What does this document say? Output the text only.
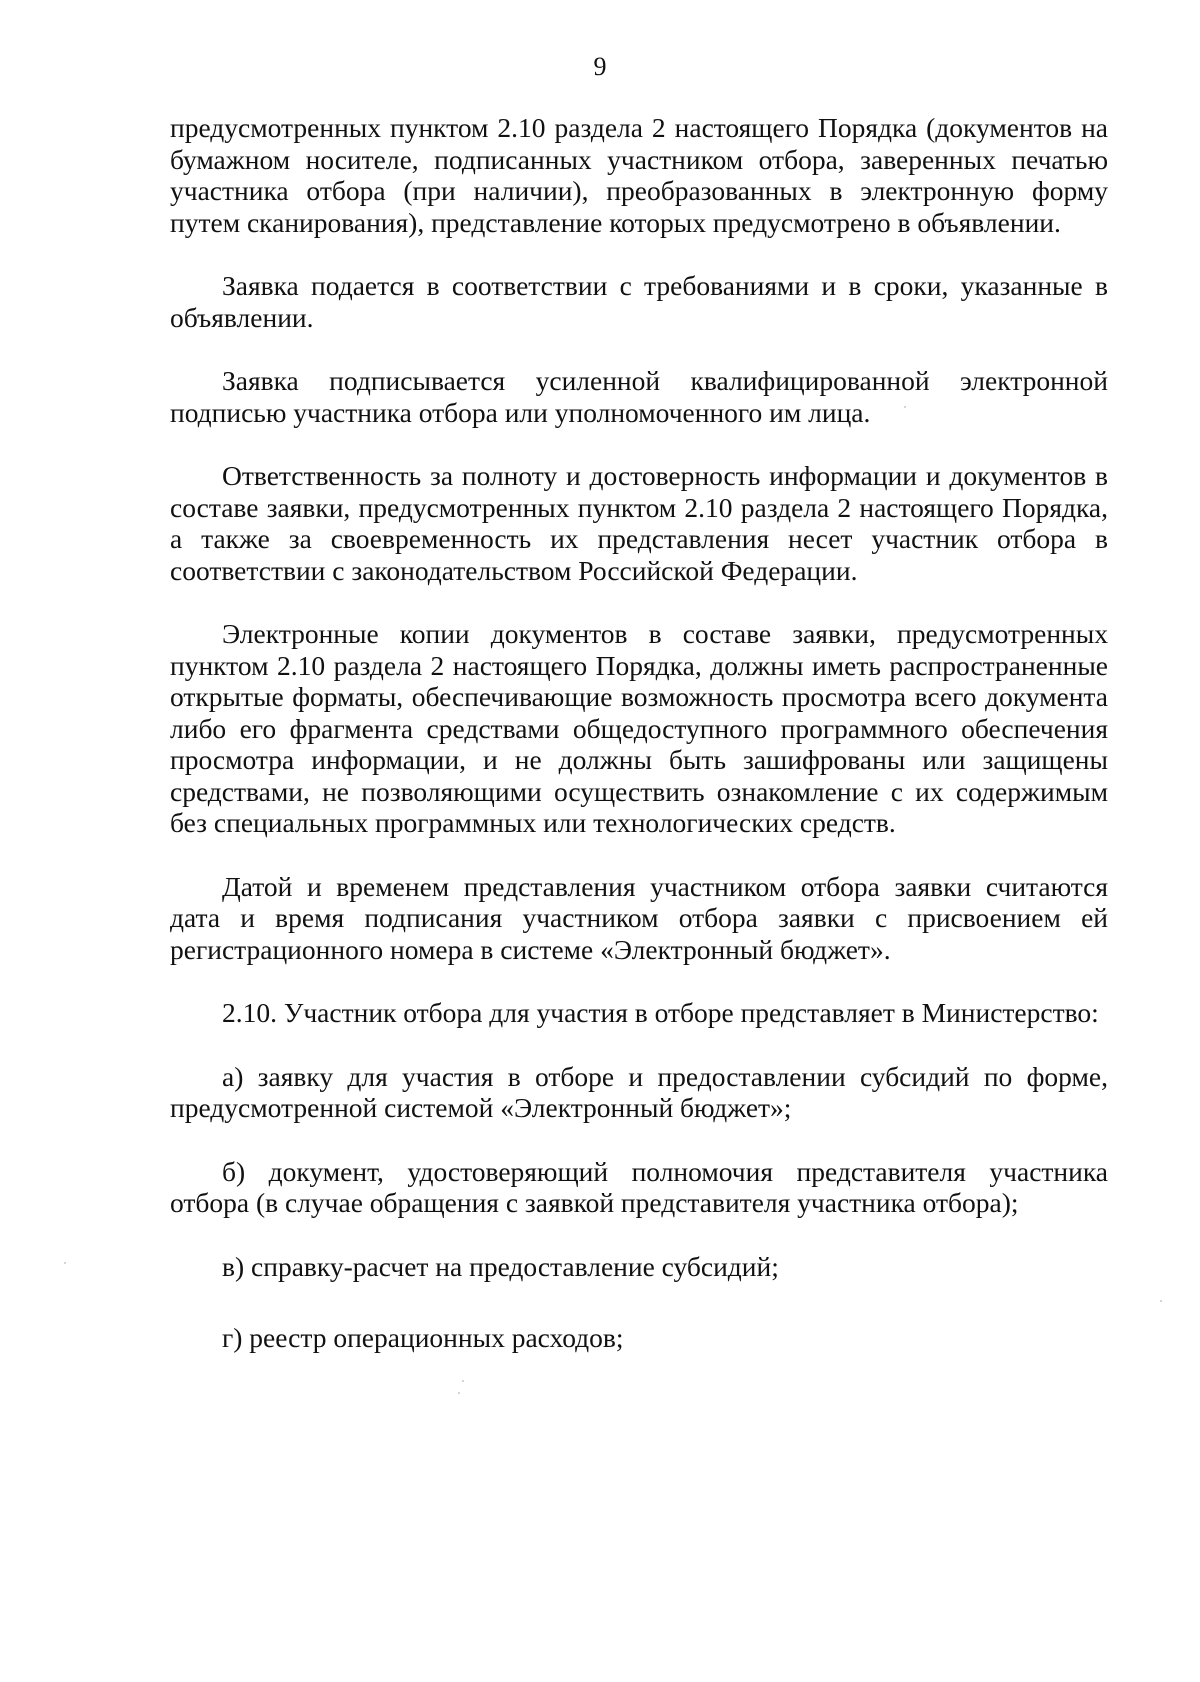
9

предусмотренных пунктом 2.10 раздела 2 настоящего Порядка (документов на бумажном носителе, подписанных участником отбора, заверенных печатью участника отбора (при наличии), преобразованных в электронную форму путем сканирования), представление которых предусмотрено в объявлении.

Заявка подается в соответствии с требованиями и в сроки, указанные в объявлении.

Заявка подписывается усиленной квалифицированной электронной подписью участника отбора или уполномоченного им лица.

Ответственность за полноту и достоверность информации и документов в составе заявки, предусмотренных пунктом 2.10 раздела 2 настоящего Порядка, а также за своевременность их представления несет участник отбора в соответствии с законодательством Российской Федерации.

Электронные копии документов в составе заявки, предусмотренных пунктом 2.10 раздела 2 настоящего Порядка, должны иметь распространенные открытые форматы, обеспечивающие возможность просмотра всего документа либо его фрагмента средствами общедоступного программного обеспечения просмотра информации, и не должны быть зашифрованы или защищены средствами, не позволяющими осуществить ознакомление с их содержимым без специальных программных или технологических средств.

Датой и временем представления участником отбора заявки считаются дата и время подписания участником отбора заявки с присвоением ей регистрационного номера в системе «Электронный бюджет».

2.10. Участник отбора для участия в отборе представляет в Министерство:

а) заявку для участия в отборе и предоставлении субсидий по форме, предусмотренной системой «Электронный бюджет»;

б) документ, удостоверяющий полномочия представителя участника отбора (в случае обращения с заявкой представителя участника отбора);

в) справку-расчет на предоставление субсидий;

г) реестр операционных расходов;
